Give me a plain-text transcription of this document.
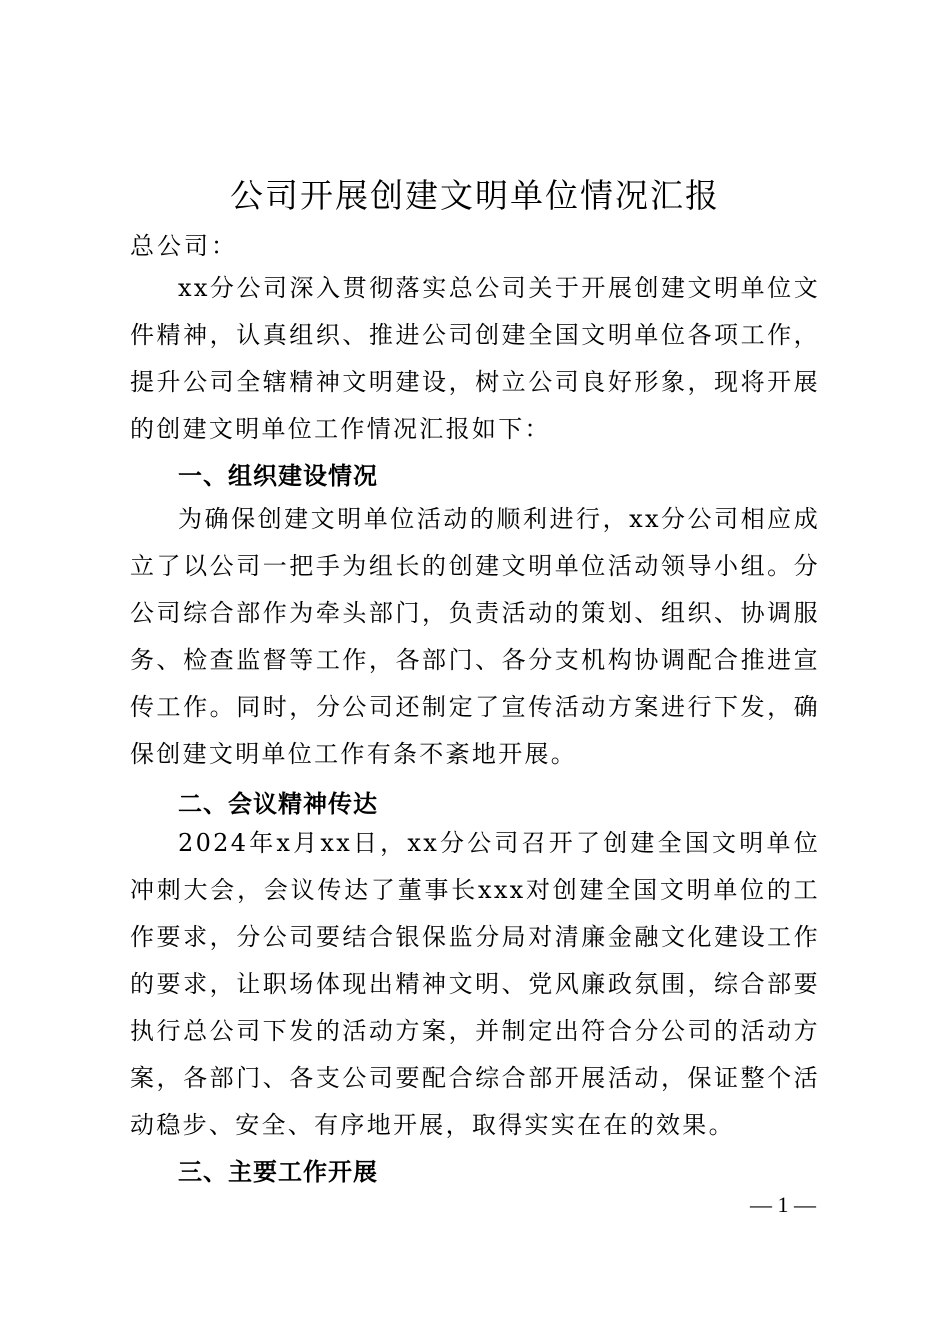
公司开展创建文明单位情况汇报

总公司：

xx分公司深入贯彻落实总公司关于开展创建文明单位文件精神，认真组织、推进公司创建全国文明单位各项工作，提升公司全辖精神文明建设，树立公司良好形象，现将开展的创建文明单位工作情况汇报如下：

一、组织建设情况

为确保创建文明单位活动的顺利进行，xx分公司相应成立了以公司一把手为组长的创建文明单位活动领导小组。分公司综合部作为牵头部门，负责活动的策划、组织、协调服务、检查监督等工作，各部门、各分支机构协调配合推进宣传工作。同时，分公司还制定了宣传活动方案进行下发，确保创建文明单位工作有条不紊地开展。

二、会议精神传达

2024年x月xx日，xx分公司召开了创建全国文明单位冲刺大会，会议传达了董事长xxx对创建全国文明单位的工作要求，分公司要结合银保监分局对清廉金融文化建设工作的要求，让职场体现出精神文明、党风廉政氛围，综合部要执行总公司下发的活动方案，并制定出符合分公司的活动方案，各部门、各支公司要配合综合部开展活动，保证整个活动稳步、安全、有序地开展，取得实实在在的效果。

三、主要工作开展

— 1 —
